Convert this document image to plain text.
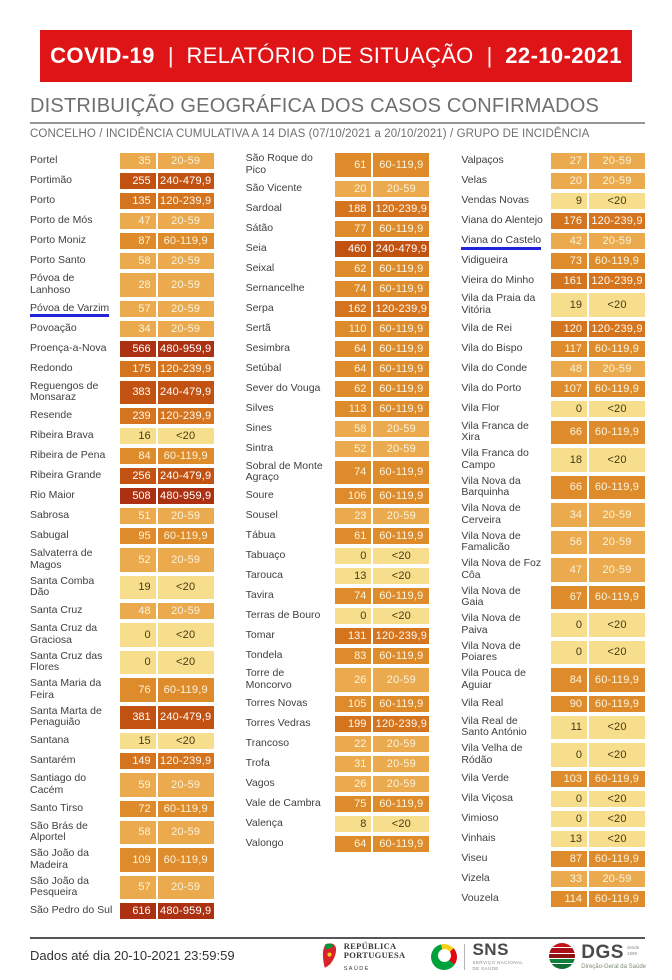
COVID-19 | RELATÓRIO DE SITUAÇÃO | 22-10-2021
DISTRIBUIÇÃO GEOGRÁFICA DOS CASOS CONFIRMADOS
CONCELHO / INCIDÊNCIA CUMULATIVA A 14 DIAS (07/10/2021 a 20/10/2021) / GRUPO DE INCIDÊNCIA
Portel	35	20-59
Portimão	255 240-479,9
Porto	135 120-239,9
Porto de Mós	47	20-59
Porto Moniz	87	60-119,9
Porto Santo	58	20-59
Póvoa de Lanhoso	28	20-59
Póvoa de Varzim	57	20-59
Povoação	34	20-59
Proença-a-Nova	566 480-959,9
Redondo	175 120-239,9
Reguengos de Monsaraz	383 240-479,9
Resende	239 120-239,9
Ribeira Brava	16	<20
Ribeira de Pena	84	60-119,9
Ribeira Grande	256 240-479,9
Rio Maior	508 480-959,9
Sabrosa	51	20-59
Sabugal	95	60-119,9
Salvaterra de Magos	52	20-59
Santa Comba Dão	19	<20
Santa Cruz	48	20-59
Santa Cruz da Graciosa	0	<20
Santa Cruz das Flores	0	<20
Santa Maria da Feira	76	60-119,9
Santa Marta de Penaguião	381 240-479,9
Santana	15	<20
Santarém	149 120-239,9
Santiago do Cacém	59	20-59
Santo Tirso	72	60-119,9
São Brás de Alportel	58	20-59
São João da Madeira	109	60-119,9
São João da Pesqueira	57	20-59
São Pedro do Sul	616 480-959,9
São Roque do Pico	61	60-119,9
São Vicente	20	20-59
Sardoal	188 120-239,9
Sátão	77	60-119,9
Seia	460 240-479,9
Seixal	62	60-119,9
Sernancelhe	74	60-119,9
Serpa	162 120-239,9
Sertã	110	60-119,9
Sesimbra	64	60-119,9
Setúbal	64	60-119,9
Sever do Vouga	62	60-119,9
Silves	113	60-119,9
Sines	58	20-59
Sintra	52	20-59
Sobral de Monte Agraço	74	60-119,9
Soure	106	60-119,9
Sousel	23	20-59
Tábua	61	60-119,9
Tabuaço	0	<20
Tarouca	13	<20
Tavira	74	60-119,9
Terras de Bouro	0	<20
Tomar	131 120-239,9
Tondela	83	60-119,9
Torre de Moncorvo	26	20-59
Torres Novas	105	60-119,9
Torres Vedras	199 120-239,9
Trancoso	22	20-59
Trofa	31	20-59
Vagos	26	20-59
Vale de Cambra	75	60-119,9
Valença	8	<20
Valongo	64	60-119,9
Valpaços	27	20-59
Velas	20	20-59
Vendas Novas	9	<20
Viana do Alentejo	176 120-239,9
Viana do Castelo	42	20-59
Vidigueira	73	60-119,9
Vieira do Minho	161 120-239,9
Vila da Praia da Vitória	19	<20
Vila de Rei	120 120-239,9
Vila do Bispo	117	60-119,9
Vila do Conde	48	20-59
Vila do Porto	107	60-119,9
Vila Flor	0	<20
Vila Franca de Xira	66	60-119,9
Vila Franca do Campo	18	<20
Vila Nova da Barquinha	66	60-119,9
Vila Nova de Cerveira	34	20-59
Vila Nova de Famalicão	56	20-59
Vila Nova de Foz Côa	47	20-59
Vila Nova de Gaia	67	60-119,9
Vila Nova de Paiva	0	<20
Vila Nova de Poiares	0	<20
Vila Pouca de Aguiar	84	60-119,9
Vila Real	90	60-119,9
Vila Real de Santo António	11	<20
Vila Velha de Ródão	0	<20
Vila Verde	103	60-119,9
Vila Viçosa	0	<20
Vimioso	0	<20
Vinhais	13	<20
Viseu	87	60-119,9
Vizela	33	20-59
Vouzela	114	60-119,9
Dados até dia 20-10-2021 23:59:59
REPÚBLICA
PORTUGUESA
SAÚDE
SNS
SERVIÇO NACIONAL
DE SAÚDE
DGS desde
1899
Direção-Geral da Saúde
